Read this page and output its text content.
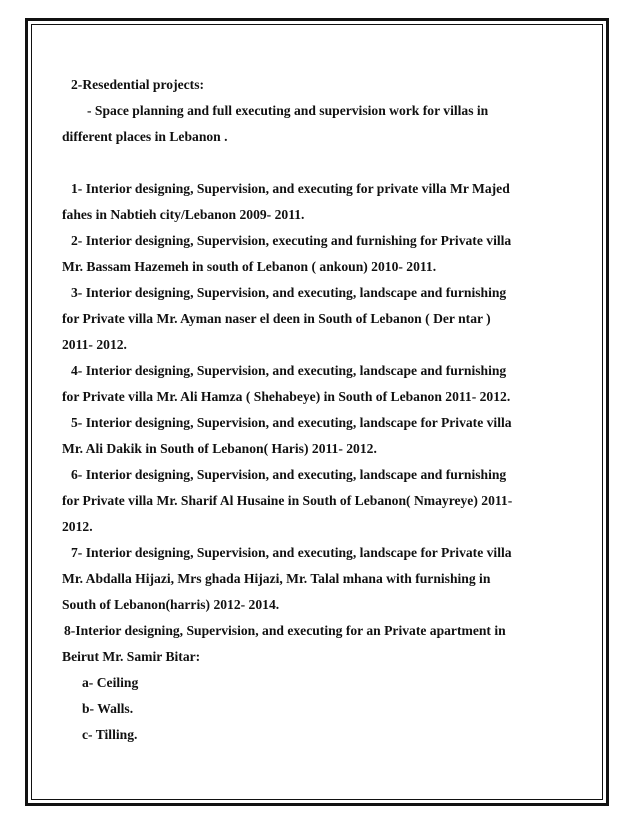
2-Resedential projects:
- Space planning and full executing and supervision work for villas in
different places in Lebanon .
1- Interior designing, Supervision, and executing for private villa Mr Majed
fahes in Nabtieh city/Lebanon 2009- 2011.
2- Interior designing, Supervision, executing and furnishing for Private villa
Mr. Bassam Hazemeh in south of Lebanon ( ankoun) 2010- 2011.
3- Interior designing, Supervision, and executing, landscape and furnishing
for Private villa Mr. Ayman naser el deen in South of Lebanon ( Der ntar )
2011- 2012.
4- Interior designing, Supervision, and executing, landscape and furnishing
for Private villa Mr. Ali Hamza ( Shehabeye) in South of Lebanon 2011- 2012.
5- Interior designing, Supervision, and executing, landscape for Private villa
Mr. Ali Dakik in South of Lebanon( Haris) 2011- 2012.
6- Interior designing, Supervision, and executing, landscape and furnishing
for Private villa Mr. Sharif Al Husaine in South of Lebanon( Nmayreye) 2011-
2012.
7- Interior designing, Supervision, and executing, landscape for Private villa
Mr. Abdalla Hijazi, Mrs ghada Hijazi, Mr. Talal mhana with furnishing in
South of Lebanon(harris) 2012- 2014.
8-Interior designing, Supervision, and executing for an Private apartment in
Beirut Mr. Samir Bitar:
a- Ceiling
b- Walls.
c- Tilling.
